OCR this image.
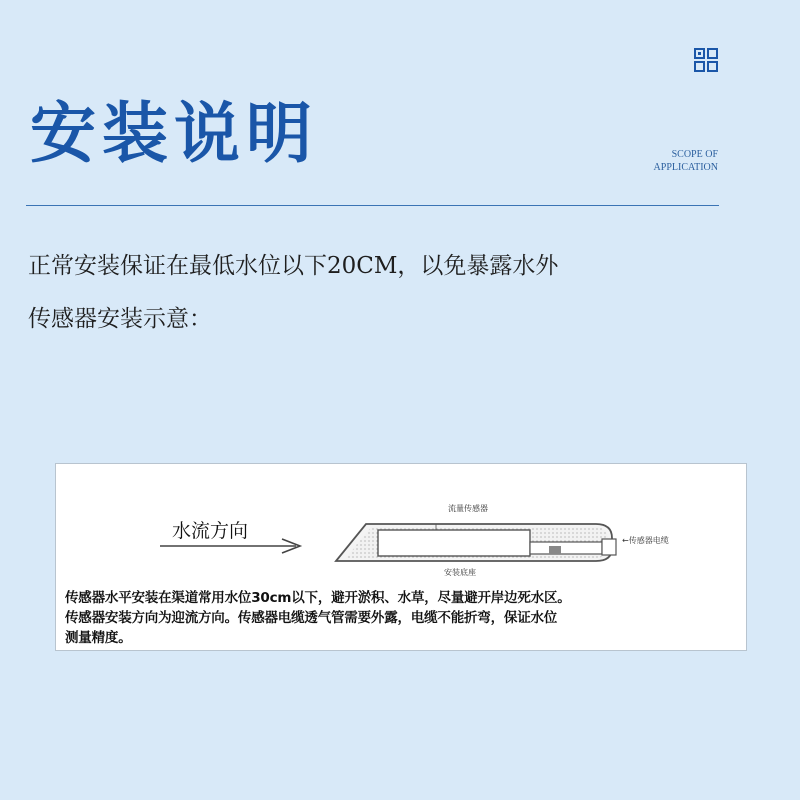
安装说明	SCOPE OF
APPLICATION
正常安装保证在最低水位以下20CM，以免暴露水外
传感器安装示意：
水流方向
流量传感器
←传感器电缆
安装底座
传感器水平安装在渠道常用水位30cm以下，避开淤积、水草，尽量避开岸边死水区。
传感器安装方向为迎流方向。传感器电缆透气管需要外露，电缆不能折弯，保证水位
测量精度。
